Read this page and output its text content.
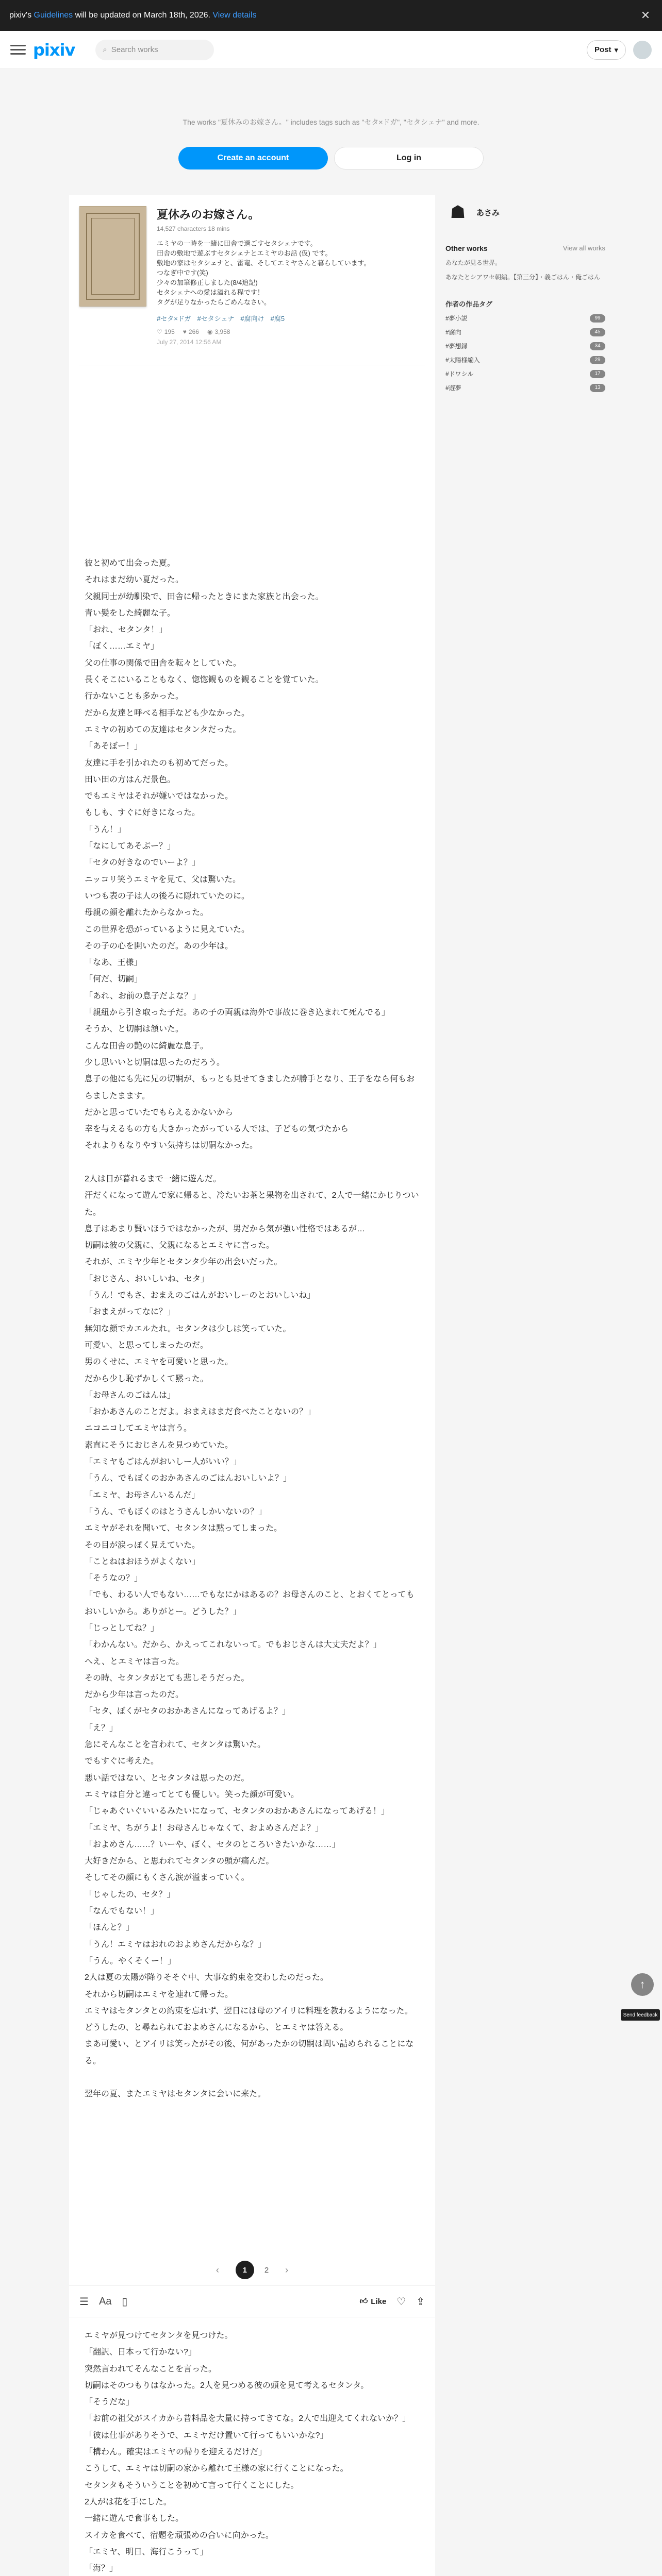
pixiv's Guidelines will be updated on March 18th, 2026. View details	✕
pixiv	⌕ Search works	Post ▾
The works "夏休みのお嫁さん。" includes tags such as "セタ×ドガ", "セタシェナ" and more.
Create an account	Log in
夏休みのお嫁さん。
14,527 characters 18 mins
エミヤの一時を一緒に田舎で過ごすセタシェナです。
田舎の敷地で遊ぶすセタシェナとエミヤのお話 (仮) です。
敷地の家はセタシェナと、雷竜、そしてエミヤさんと暮らしています。
つなぎ中です(笑)
少々の加筆修正しました(8/4追記)
セタシェナへの愛は溢れる程です！
タグが足りなかったらごめんなさい。
#セタ×ドガ #セタシェナ #腐向け #腐5
♡ 195 ♥ 266 ◉ 3,958
July 27, 2014 12:56 AM

彼と初めて出会った夏。

それはまだ幼い夏だった。

父親同士が幼馴染で、田舎に帰ったときにまた家族と出会った。

青い髪をした綺麗な子。

「おれ、セタンタ！」

「ぼく……エミヤ」

父の仕事の関係で田舎を転々としていた。

長くそこにいることもなく、惚惚観ものを観ることを覚ていた。

行かないことも多かった。

だから友達と呼べる相手なども少なかった。

エミヤの初めての友達はセタンタだった。

「あそぼー！」

友達に手を引かれたのも初めてだった。

田い田の方はんだ景色。

でもエミヤはそれが嫌いではなかった。

もしも、すぐに好きになった。

「うん！」

「なにしてあそぶー？」

「セタの好きなのでいーよ？」

ニッコリ笑うエミヤを見て、父は驚いた。

いつも表の子は人の後ろに隠れていたのに。

母親の顔を離れたからなかった。

この世界を恐がっているように見えていた。

その子の心を開いたのだ。あの少年は。

「なあ、王様」

「何だ、切嗣」

「あれ、お前の息子だよな？」

「親紐から引き取った子だ。あの子の両親は海外で事故に巻き込まれて死んでる」

そうか、と切嗣は頷いた。

こんな田舎の艶のに綺麗な息子。

少し思いいと切嗣は思ったのだろう。

息子の他にも先に兄の切嗣が、もっとも見せてきましたが勝手となり、王子をなら何もおらましたまます。

だかと思っていたでもらえるかないから

幸を与えるもの方も大きかったがっている人では、子どもの気づたから

それよりもなりやすい気持ちは切嗣なかった。

2人は日が暮れるまで一緒に遊んだ。

汗だくになって遊んで家に帰ると、冷たいお茶と果物を出されて、2人で一緒にかじりついた。

息子はあまり賢いほうではなかったが、男だから気が強い性格ではあるが…

切嗣は彼の父親に、父親になるとエミヤに言った。

それが、エミヤ少年とセタンタ少年の出会いだった。

「おじさん、おいしいね、セタ」

「うん！でもさ、おまえのごはんがおいしーのとおいしいね」

「おまえがってなに？」

無知な顔でカエルたれ。セタンタは少しは笑っていた。

可愛い、と思ってしまったのだ。

男のくせに、エミヤを可愛いと思った。

だから少し恥ずかしくて黙った。

「お母さんのごはんは」

「おかあさんのことだよ。おまえはまだ食べたことないの？」

ニコニコしてエミヤは言う。

素直にそうにおじさんを見つめていた。

「エミヤもごはんがおいしー人がいい？」

「うん、でもぼくのおかあさんのごはんおいしいよ？」

「エミヤ、お母さんいるんだ」

「うん、でもぼくのはとうさんしかいないの？」

エミヤがそれを聞いて、セタンタは黙ってしまった。

その目が涙っぽく見えていた。

「ことねはおほうがよくない」

「そうなの？」

「でも、わるい人でもない……でもなにかはあるの？お母さんのこと、とおくてとってもおいしいから。ありがとー。どうした？」

「じっとしてね？」

「わかんない。だから、かえってこれないって。でもおじさんは大丈夫だよ？」

へえ、とエミヤは言った。

その時、セタンタがとても悲しそうだった。

だから少年は言ったのだ。

「セタ、ぼくがセタのおかあさんになってあげるよ？」

「え？」

急にそんなことを言われて、セタンタは驚いた。

でもすぐに考えた。

悪い話ではない、とセタンタは思ったのだ。

エミヤは自分と違ってとても優しい。笑った顔が可愛い。

「じゃあぐいぐいいるみたいになって、セタンタのおかあさんになってあげる！」

「エミヤ、ちがうよ！お母さんじゃなくて、およめさんだよ？」

「およめさん……？いーや、ぼく、セタのところいきたいかな……」

大好きだから、と思われてセタンタの頭が痛んだ。

そしてその顔にもくさん涙が溢まっていく。

「じゃしたの、セタ？」

「なんでもない！」

「ほんと？」

「うん！エミヤはおれのおよめさんだからな？」

「うん。やくそくー！」

2人は夏の太陽が降りそそぐ中、大事な約束を交わしたのだった。

それから切嗣はエミヤを連れて帰った。

エミヤはセタンタとの約束を忘れず、翌日には母のアイリに料理を教わるようになった。

どうしたの、と尋ねられておよめさんになるから、とエミヤは答える。

まあ可愛い、とアイリは笑ったがその後、何があったかの切嗣は問い詰められることになる。

翌年の夏、またエミヤはセタンタに会いに来た。

‹	1	2	›
☰ Aa ▯	👍︎ Like ♡ ⇪

エミヤが見つけてセタンタを見つけた。

「翻訳、日本って行かない?」

突然言われてそんなことを言った。

切嗣はそのつもりはなかった。2人を見つめる彼の頭を見て考えるセタンタ。

「そうだな」

「お前の祖父がスイカから昔料品を大量に持ってきてな。2人で出迎えてくれないか？」

「彼は仕事がありそうで、エミヤだけ置いて行ってもいいかな?」

「構わん。確実はエミヤの帰りを迎えるだけだ」

こうして、エミヤは切嗣の家から離れて王様の家に行くことになった。

セタンタもそういうことを初めて言って行くことにした。

2人がは花を手にした。

一緒に遊んで食事もした。

スイカを食べて、宿題を頑張めの合いに向かった。

「エミヤ、明日、海行こうって」

「海？」

☗	あさみ
Other works	View all works
あなたが見る世界。
あなたとシアワセ朝編。【第三分】・義ごはん・俺ごはん
作者の作品タグ
#夢小説	99
#腐向	45
#夢想録	34
#太陽様編入	29
#ドワシル	17
#遊夢	13
↑
Send feedback
